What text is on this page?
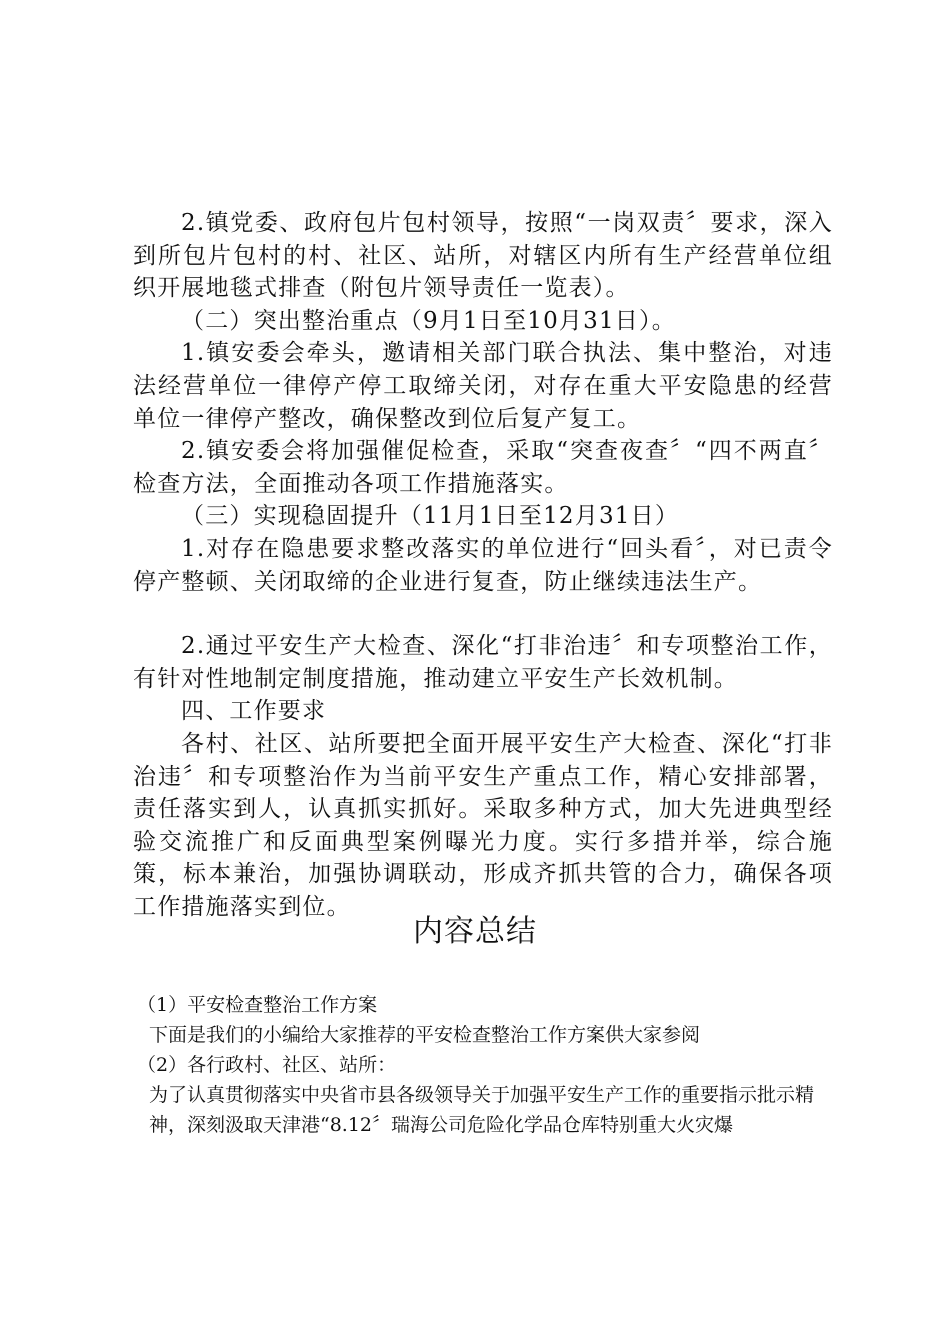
2.镇党委、政府包片包村领导，按照“一岗双责〞要求，深入到所包片包村的村、社区、站所，对辖区内所有生产经营单位组织开展地毯式排查（附包片领导责任一览表）。

（二）突出整治重点（9月1日至10月31日）。

1.镇安委会牵头，邀请相关部门联合执法、集中整治，对违法经营单位一律停产停工取缔关闭，对存在重大平安隐患的经营单位一律停产整改，确保整改到位后复产复工。

2.镇安委会将加强催促检查，采取“突查夜查〞“四不两直〞检查方法，全面推动各项工作措施落实。

（三）实现稳固提升（11月1日至12月31日）

1.对存在隐患要求整改落实的单位进行“回头看〞，对已责令停产整顿、关闭取缔的企业进行复查，防止继续违法生产。

2.通过平安生产大检查、深化“打非治违〞和专项整治工作，有针对性地制定制度措施，推动建立平安生产长效机制。

四、工作要求

各村、社区、站所要把全面开展平安生产大检查、深化“打非治违〞和专项整治作为当前平安生产重点工作，精心安排部署，责任落实到人，认真抓实抓好。采取多种方式，加大先进典型经验交流推广和反面典型案例曝光力度。实行多措并举，综合施策，标本兼治，加强协调联动，形成齐抓共管的合力，确保各项工作措施落实到位。

内容总结

（1）平安检查整治工作方案

下面是我们的小编给大家推荐的平安检查整治工作方案供大家参阅

（2）各行政村、社区、站所：

为了认真贯彻落实中央省市县各级领导关于加强平安生产工作的重要指示批示精神，深刻汲取天津港“8.12〞瑞海公司危险化学品仓库特别重大火灾爆
